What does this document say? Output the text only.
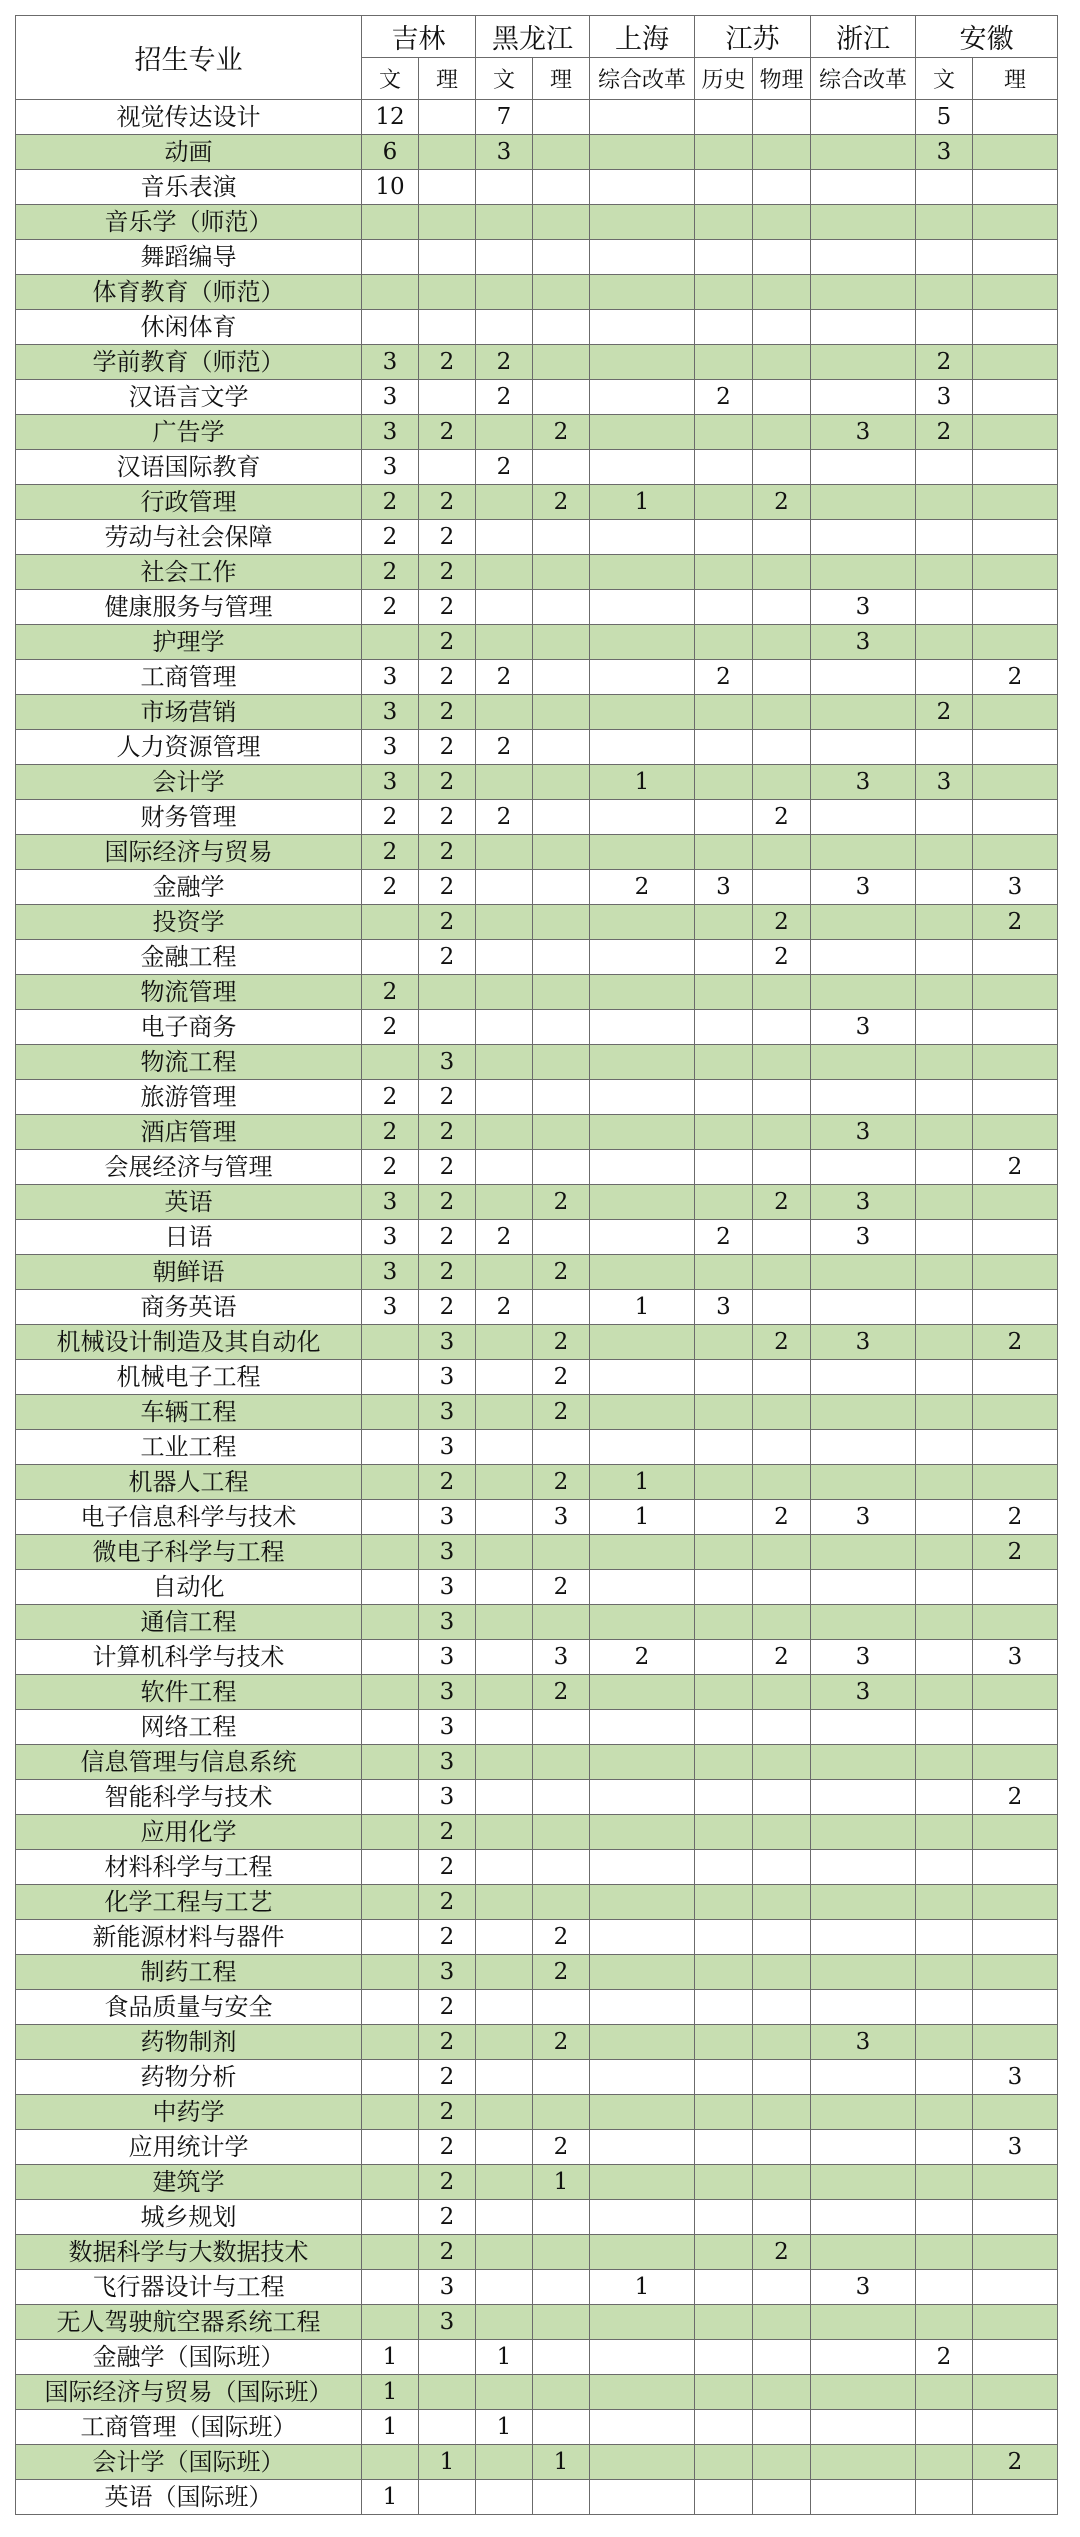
招生专业	吉林		黑龙江		上海	江苏		浙江	安徽	
	文	理	文	理	综合改革	历史	物理	综合改革	文	理
视觉传达设计	12		7						5	
动画	6		3						3	
音乐表演	10									
音乐学（师范）										
舞蹈编导										
体育教育（师范）										
休闲体育										
学前教育（师范）	3	2	2						2	
汉语言文学	3		2			2			3	
广告学	3	2		2				3	2	
汉语国际教育	3		2							
行政管理	2	2		2	1		2			
劳动与社会保障	2	2								
社会工作	2	2								
健康服务与管理	2	2						3		
护理学		2						3		
工商管理	3	2	2			2				2
市场营销	3	2							2	
人力资源管理	3	2	2							
会计学	3	2			1			3	3	
财务管理	2	2	2				2			
国际经济与贸易	2	2								
金融学	2	2			2	3		3		3
投资学		2					2			2
金融工程		2					2			
物流管理	2									
电子商务	2							3		
物流工程		3								
旅游管理	2	2								
酒店管理	2	2						3		
会展经济与管理	2	2								2
英语	3	2		2			2	3		
日语	3	2	2			2		3		
朝鲜语	3	2		2						
商务英语	3	2	2		1	3				
机械设计制造及其自动化		3		2			2	3		2
机械电子工程		3		2						
车辆工程		3		2						
工业工程		3								
机器人工程		2		2	1					
电子信息科学与技术		3		3	1		2	3		2
微电子科学与工程		3								2
自动化		3		2						
通信工程		3								
计算机科学与技术		3		3	2		2	3		3
软件工程		3		2				3		
网络工程		3								
信息管理与信息系统		3								
智能科学与技术		3								2
应用化学		2								
材料科学与工程		2								
化学工程与工艺		2								
新能源材料与器件		2		2						
制药工程		3		2						
食品质量与安全		2								
药物制剂		2		2				3		
药物分析		2								3
中药学		2								
应用统计学		2		2						3
建筑学		2		1						
城乡规划		2								
数据科学与大数据技术		2					2			
飞行器设计与工程		3			1			3		
无人驾驶航空器系统工程		3								
金融学（国际班）	1		1						2	
国际经济与贸易（国际班）	1									
工商管理（国际班）	1		1							
会计学（国际班）		1		1						2
英语（国际班）	1									
